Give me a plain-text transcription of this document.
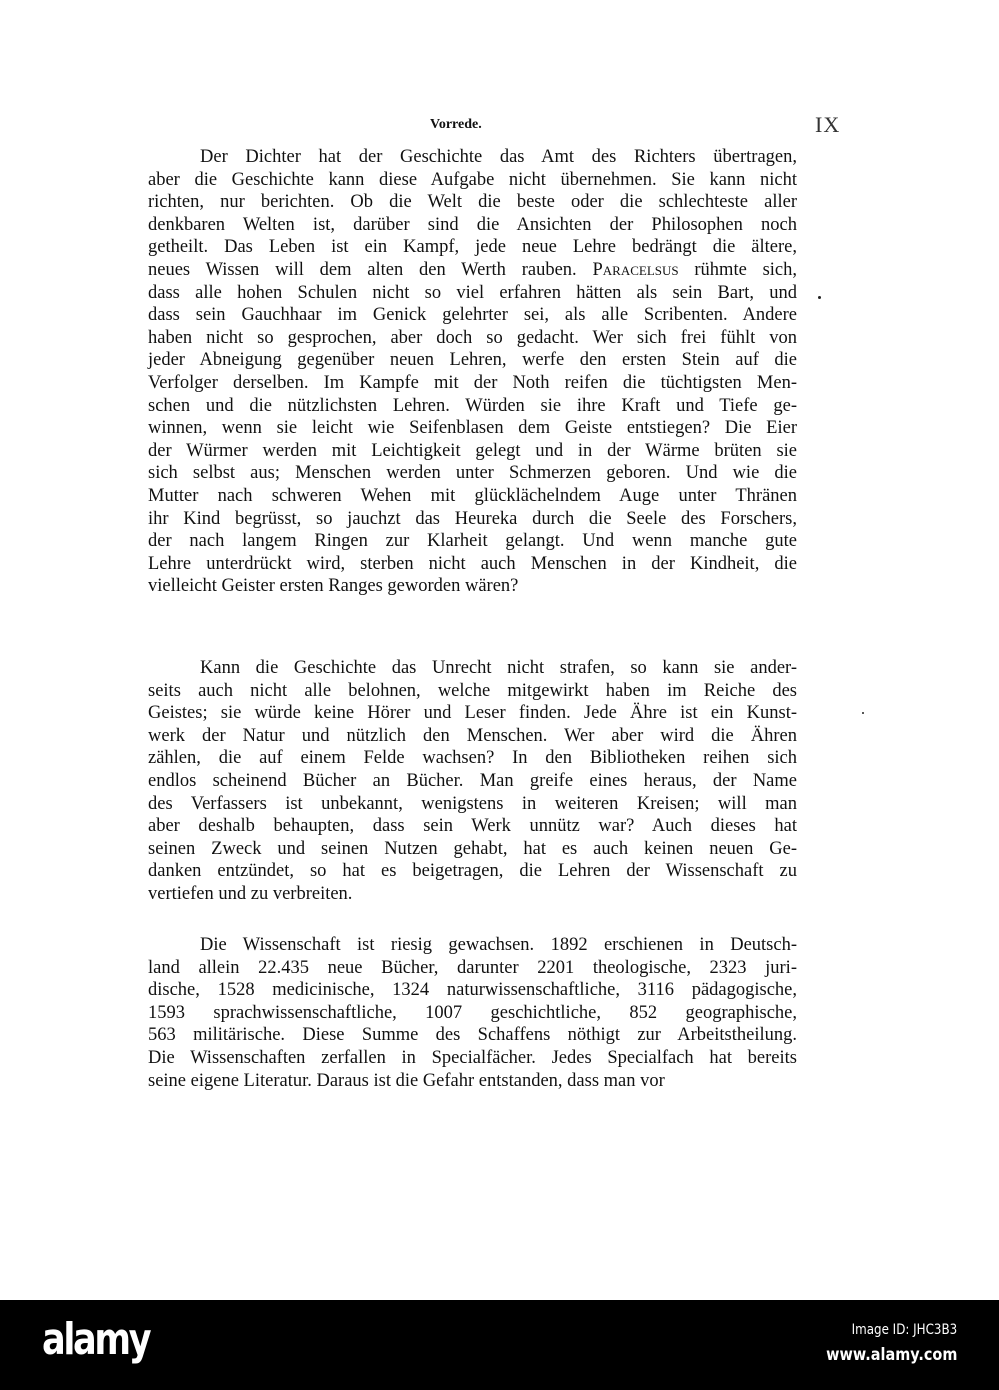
Vorrede.	IX
Der Dichter hat der Geschichte das Amt des Richters übertragen,
aber die Geschichte kann diese Aufgabe nicht übernehmen. Sie kann nicht
richten, nur berichten. Ob die Welt die beste oder die schlechteste aller
denkbaren Welten ist, darüber sind die Ansichten der Philosophen noch
getheilt. Das Leben ist ein Kampf, jede neue Lehre bedrängt die ältere,
neues Wissen will dem alten den Werth rauben. Paracelsus rühmte sich,
dass alle hohen Schulen nicht so viel erfahren hätten als sein Bart, und
dass sein Gauchhaar im Genick gelehrter sei, als alle Scribenten. Andere
haben nicht so gesprochen, aber doch so gedacht. Wer sich frei fühlt von
jeder Abneigung gegenüber neuen Lehren, werfe den ersten Stein auf die
Verfolger derselben. Im Kampfe mit der Noth reifen die tüchtigsten Men-
schen und die nützlichsten Lehren. Würden sie ihre Kraft und Tiefe ge-
winnen, wenn sie leicht wie Seifenblasen dem Geiste entstiegen? Die Eier
der Würmer werden mit Leichtigkeit gelegt und in der Wärme brüten sie
sich selbst aus; Menschen werden unter Schmerzen geboren. Und wie die
Mutter nach schweren Wehen mit glücklächelndem Auge unter Thränen
ihr Kind begrüsst, so jauchzt das Heureka durch die Seele des Forschers,
der nach langem Ringen zur Klarheit gelangt. Und wenn manche gute
Lehre unterdrückt wird, sterben nicht auch Menschen in der Kindheit, die
vielleicht Geister ersten Ranges geworden wären?
Kann die Geschichte das Unrecht nicht strafen, so kann sie ander-
seits auch nicht alle belohnen, welche mitgewirkt haben im Reiche des
Geistes; sie würde keine Hörer und Leser finden. Jede Ähre ist ein Kunst-
werk der Natur und nützlich den Menschen. Wer aber wird die Ähren
zählen, die auf einem Felde wachsen? In den Bibliotheken reihen sich
endlos scheinend Bücher an Bücher. Man greife eines heraus, der Name
des Verfassers ist unbekannt, wenigstens in weiteren Kreisen; will man
aber deshalb behaupten, dass sein Werk unnütz war? Auch dieses hat
seinen Zweck und seinen Nutzen gehabt, hat es auch keinen neuen Ge-
danken entzündet, so hat es beigetragen, die Lehren der Wissenschaft zu
vertiefen und zu verbreiten.
Die Wissenschaft ist riesig gewachsen. 1892 erschienen in Deutsch-
land allein 22.435 neue Bücher, darunter 2201 theologische, 2323 juri-
dische, 1528 medicinische, 1324 naturwissenschaftliche, 3116 pädagogische,
1593 sprachwissenschaftliche, 1007 geschichtliche, 852 geographische,
563 militärische. Diese Summe des Schaffens nöthigt zur Arbeitstheilung.
Die Wissenschaften zerfallen in Specialfächer. Jedes Specialfach hat bereits
seine eigene Literatur. Daraus ist die Gefahr entstanden, dass man vor
alamy	Image ID: JHC3B3
www.alamy.com
